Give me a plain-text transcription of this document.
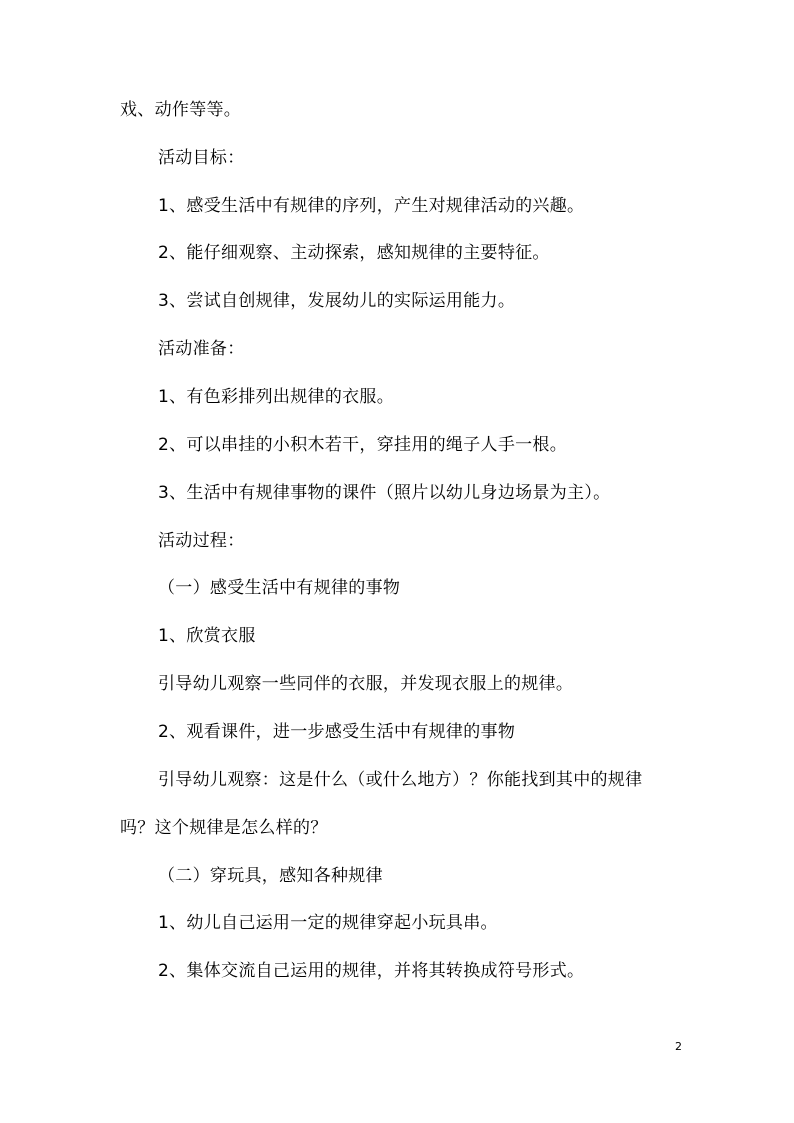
戏、动作等等。
活动目标：
1、感受生活中有规律的序列，产生对规律活动的兴趣。
2、能仔细观察、主动探索，感知规律的主要特征。
3、尝试自创规律，发展幼儿的实际运用能力。
活动准备：
1、有色彩排列出规律的衣服。
2、可以串挂的小积木若干，穿挂用的绳子人手一根。
3、生活中有规律事物的课件（照片以幼儿身边场景为主）。
活动过程：
（一）感受生活中有规律的事物
1、欣赏衣服
引导幼儿观察一些同伴的衣服，并发现衣服上的规律。
2、观看课件，进一步感受生活中有规律的事物
引导幼儿观察：这是什么（或什么地方）？你能找到其中的规律
吗？这个规律是怎么样的？
（二）穿玩具，感知各种规律
1、幼儿自己运用一定的规律穿起小玩具串。
2、集体交流自己运用的规律，并将其转换成符号形式。
2
